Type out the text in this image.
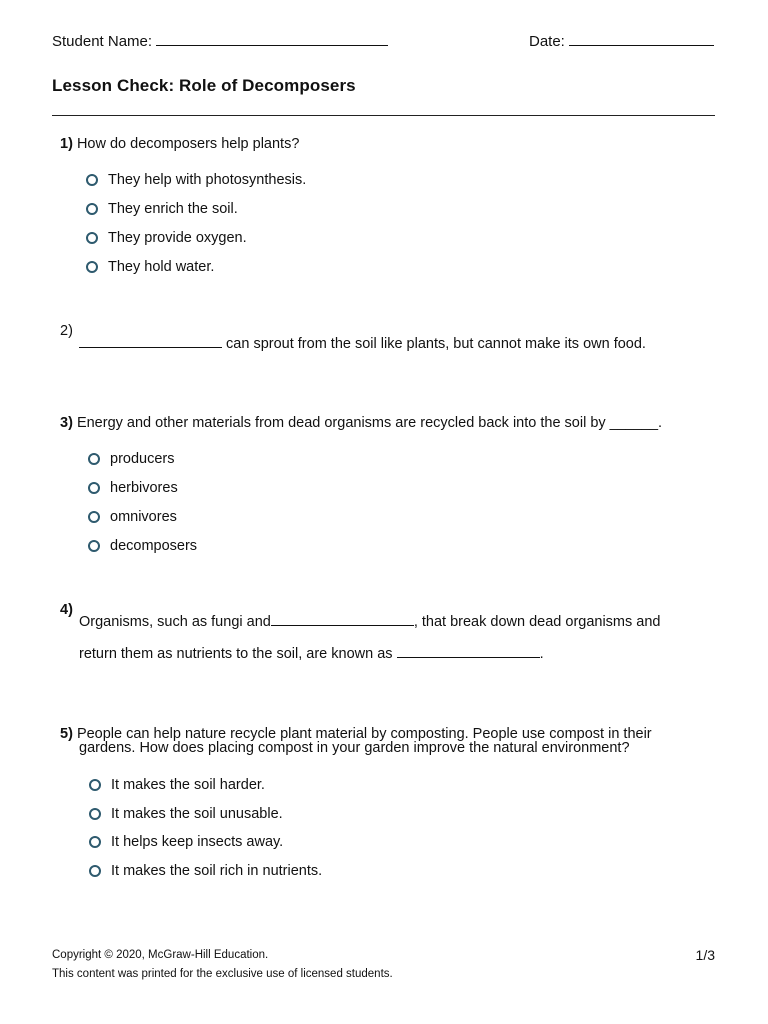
Student Name:	Date:
Lesson Check: Role of Decomposers
1) How do decomposers help plants?
They help with photosynthesis.
They enrich the soil.
They provide oxygen.
They hold water.
2)
can sprout from the soil like plants, but cannot make its own food.
3) Energy and other materials from dead organisms are recycled back into the soil by ______.
producers
herbivores
omnivores
decomposers
4)
Organisms, such as fungi and	, that break down dead organisms and
return them as nutrients to the soil, are known as	.
5) People can help nature recycle plant material by composting. People use compost in their
gardens. How does placing compost in your garden improve the natural environment?
It makes the soil harder.
It makes the soil unusable.
It helps keep insects away.
It makes the soil rich in nutrients.
Copyright © 2020, McGraw-Hill Education.
This content was printed for the exclusive use of licensed students.
1/3
